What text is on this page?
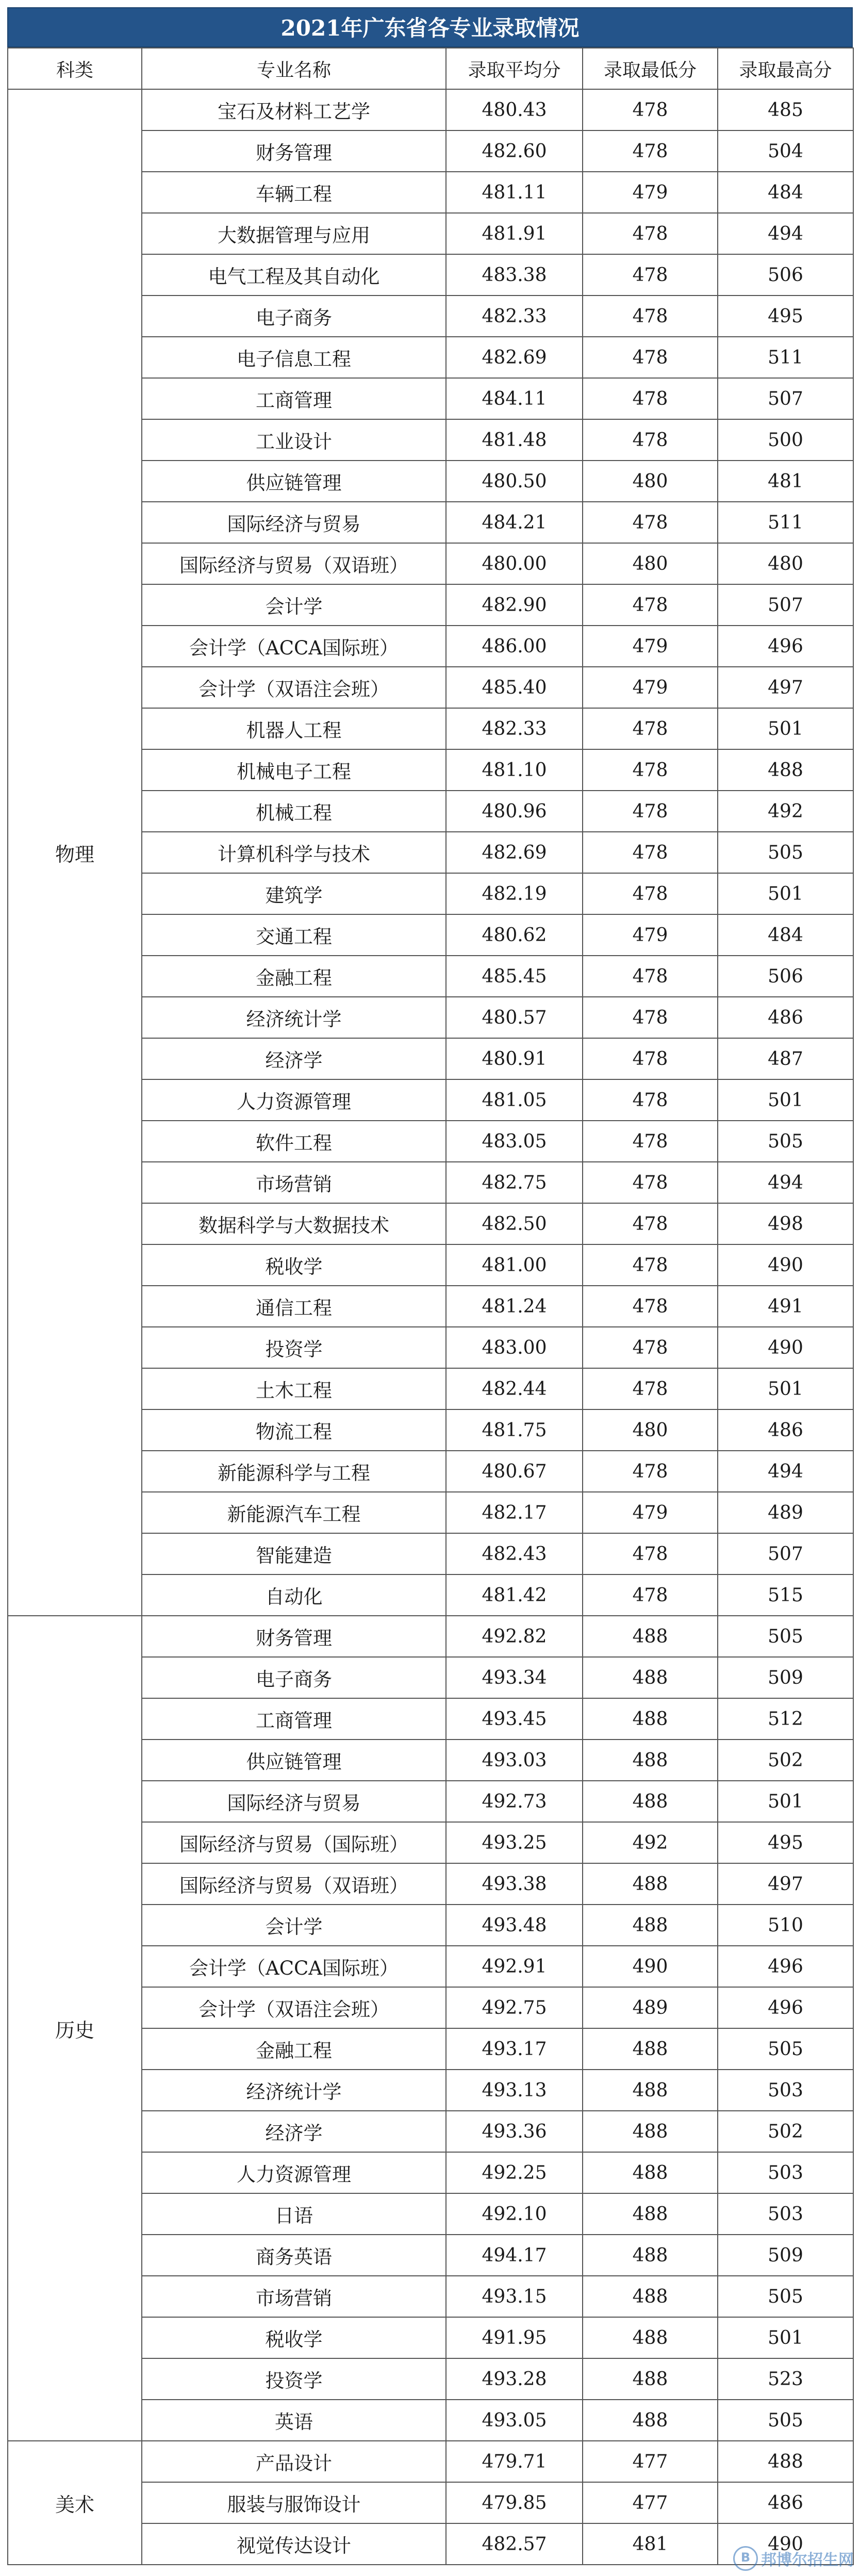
2021年广东省各专业录取情况
科类	专业名称	录取平均分	录取最低分	录取最高分
物理	宝石及材料工艺学	480.43	478	485
	财务管理	482.60	478	504
	车辆工程	481.11	479	484
	大数据管理与应用	481.91	478	494
	电气工程及其自动化	483.38	478	506
	电子商务	482.33	478	495
	电子信息工程	482.69	478	511
	工商管理	484.11	478	507
	工业设计	481.48	478	500
	供应链管理	480.50	480	481
	国际经济与贸易	484.21	478	511
	国际经济与贸易（双语班）	480.00	480	480
	会计学	482.90	478	507
	会计学（ACCA国际班）	486.00	479	496
	会计学（双语注会班）	485.40	479	497
	机器人工程	482.33	478	501
	机械电子工程	481.10	478	488
	机械工程	480.96	478	492
	计算机科学与技术	482.69	478	505
	建筑学	482.19	478	501
	交通工程	480.62	479	484
	金融工程	485.45	478	506
	经济统计学	480.57	478	486
	经济学	480.91	478	487
	人力资源管理	481.05	478	501
	软件工程	483.05	478	505
	市场营销	482.75	478	494
	数据科学与大数据技术	482.50	478	498
	税收学	481.00	478	490
	通信工程	481.24	478	491
	投资学	483.00	478	490
	土木工程	482.44	478	501
	物流工程	481.75	480	486
	新能源科学与工程	480.67	478	494
	新能源汽车工程	482.17	479	489
	智能建造	482.43	478	507
	自动化	481.42	478	515
历史	财务管理	492.82	488	505
	电子商务	493.34	488	509
	工商管理	493.45	488	512
	供应链管理	493.03	488	502
	国际经济与贸易	492.73	488	501
	国际经济与贸易（国际班）	493.25	492	495
	国际经济与贸易（双语班）	493.38	488	497
	会计学	493.48	488	510
	会计学（ACCA国际班）	492.91	490	496
	会计学（双语注会班）	492.75	489	496
	金融工程	493.17	488	505
	经济统计学	493.13	488	503
	经济学	493.36	488	502
	人力资源管理	492.25	488	503
	日语	492.10	488	503
	商务英语	494.17	488	509
	市场营销	493.15	488	505
	税收学	491.95	488	501
	投资学	493.28	488	523
	英语	493.05	488	505
美术	产品设计	479.71	477	488
	服装与服饰设计	479.85	477	486
	视觉传达设计	482.57	481	490
B 邦博尔招生网
